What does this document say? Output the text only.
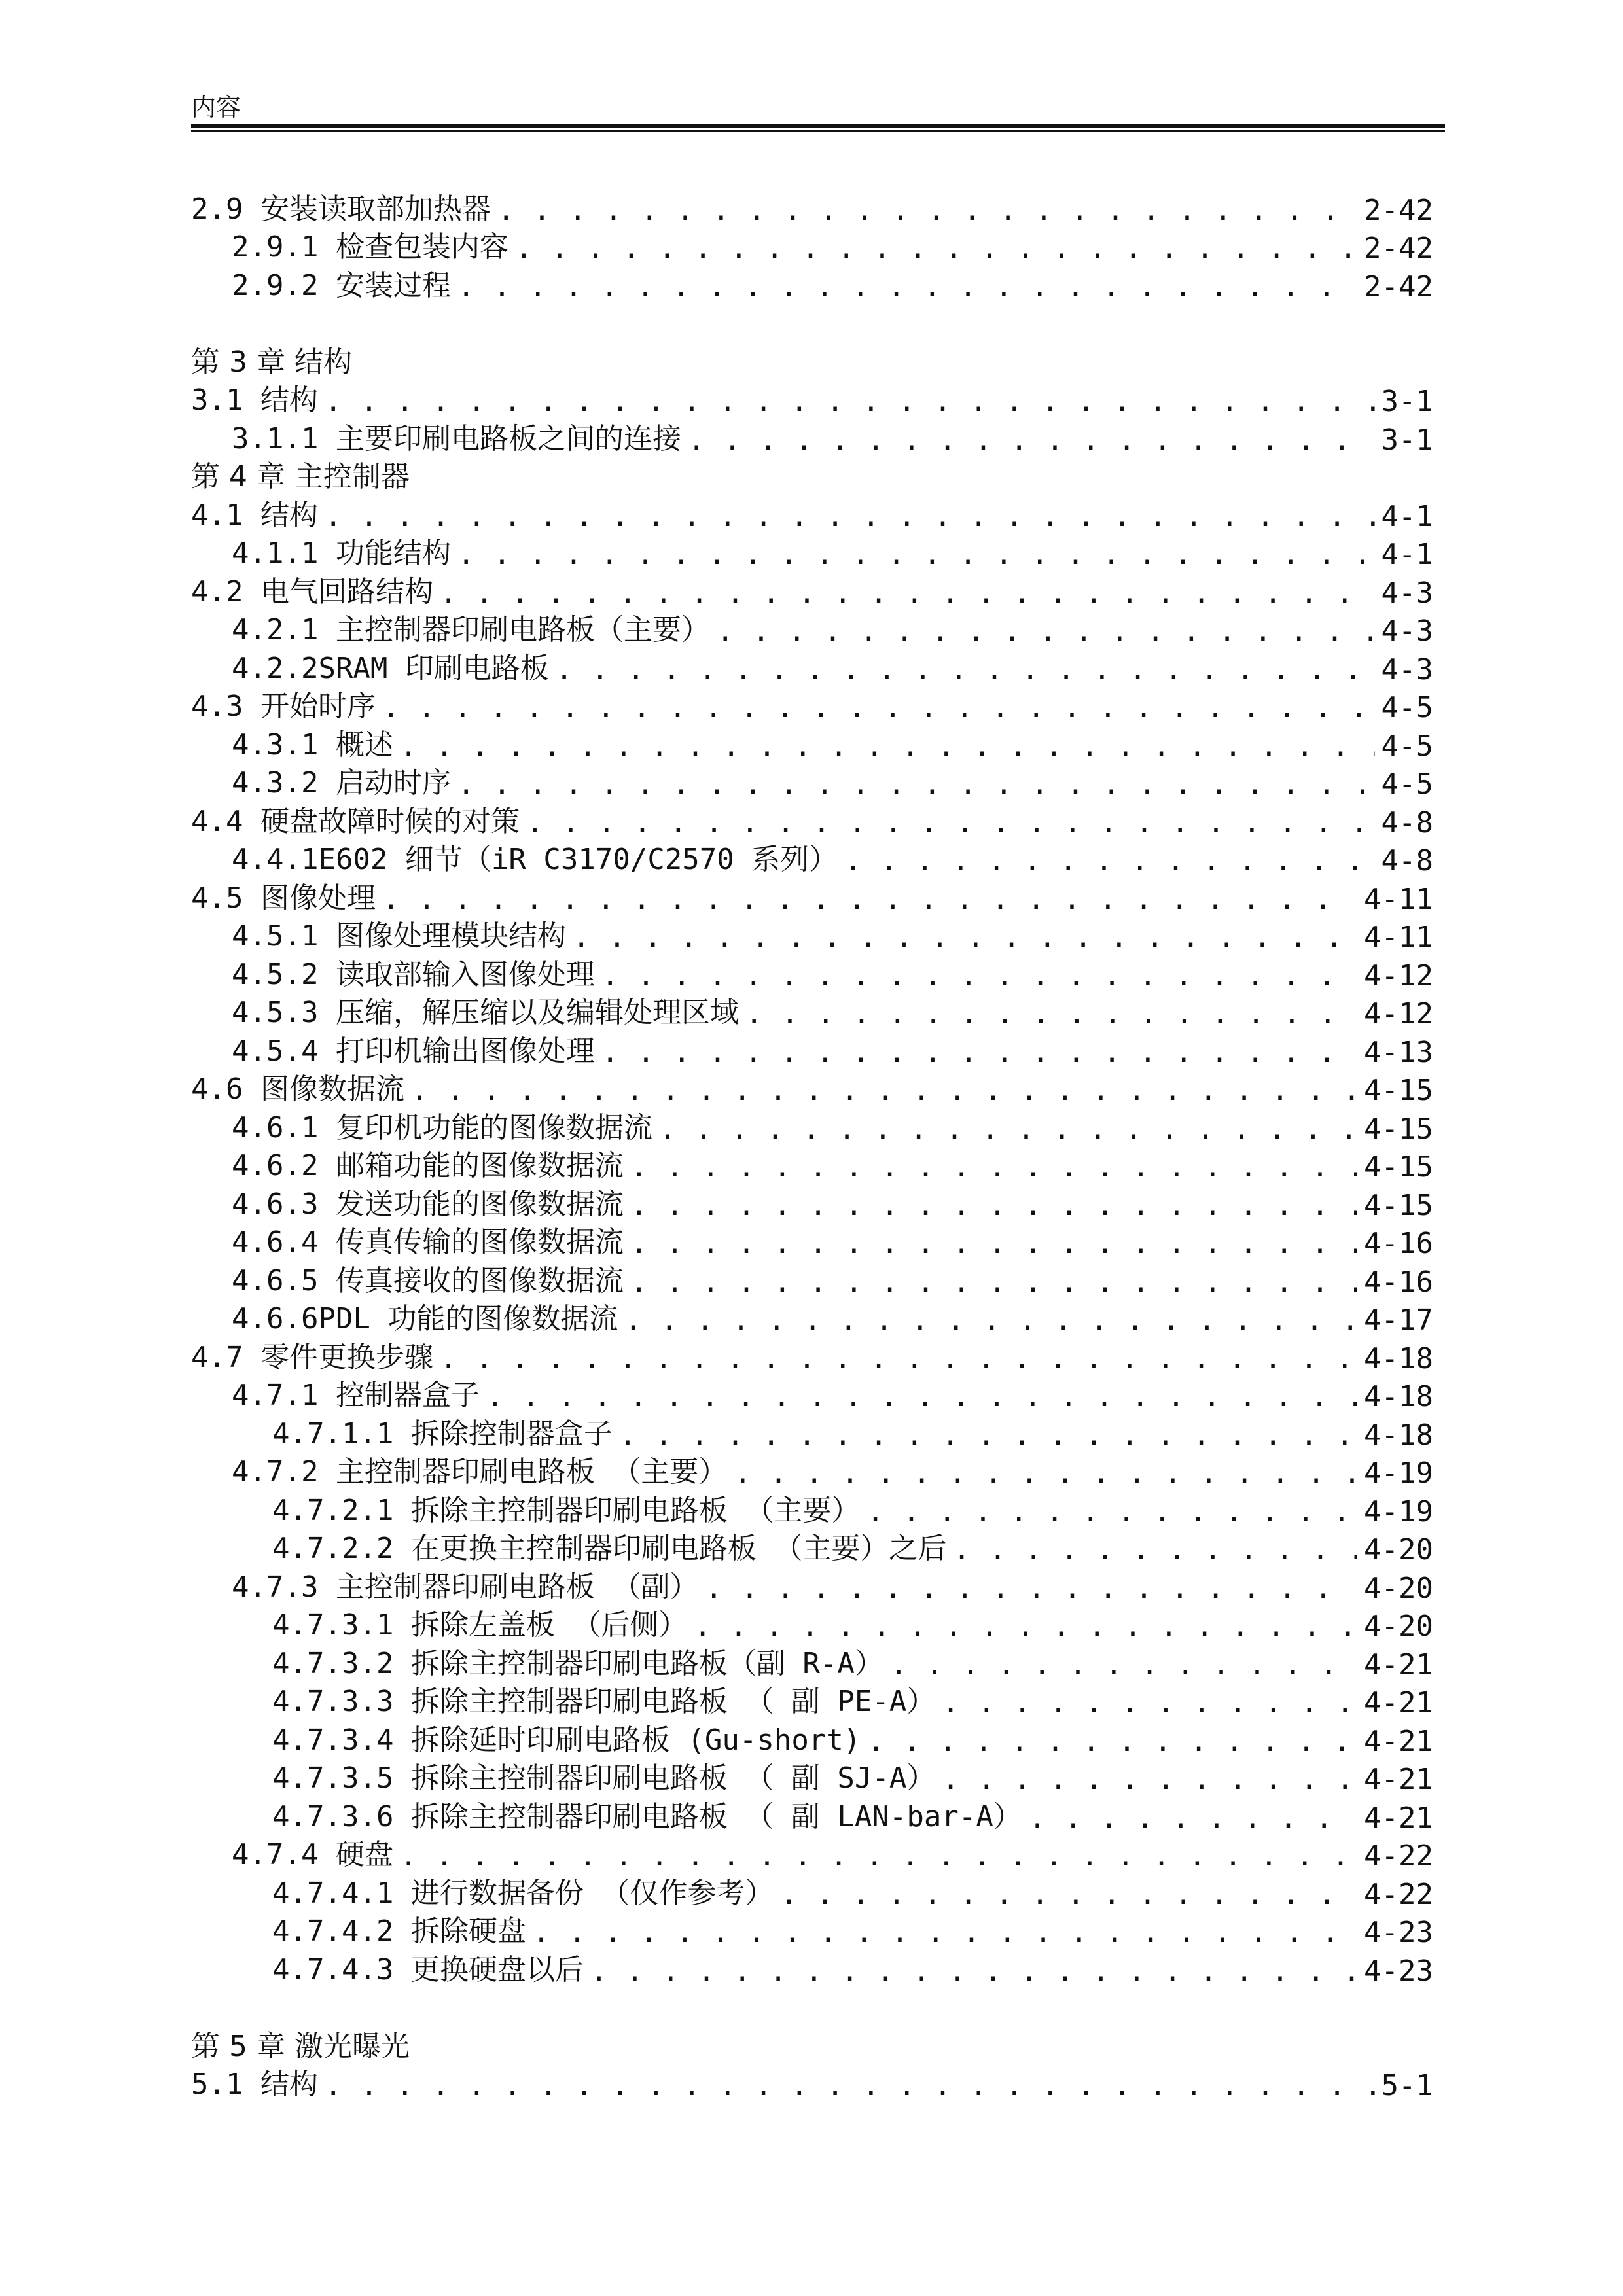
内容
2.9 安装读取部加热器 . . .	2-42
2.9.1 检查包装内容 . . .	2-42
2.9.2 安装过程 . . .	2-42
第 3 章 结构
3.1 结构 . . .	3-1
3.1.1 主要印刷电路板之间的连接 . . .	3-1
第 4 章 主控制器
4.1 结构 . . .	4-1
4.1.1 功能结构 . . .	4-1
4.2 电气回路结构 . . .	4-3
4.2.1 主控制器印刷电路板（主要） . . .	4-3
4.2.2SRAM 印刷电路板 . . .	4-3
4.3 开始时序 . . .	4-5
4.3.1 概述 . . .	4-5
4.3.2 启动时序 . . .	4-5
4.4 硬盘故障时候的对策 . . .	4-8
4.4.1E602 细节（iR C3170/C2570 系列） . . .	4-8
4.5 图像处理 . . .	4-11
4.5.1 图像处理模块结构 . . .	4-11
4.5.2 读取部输入图像处理 . . .	4-12
4.5.3 压缩，解压缩以及编辑处理区域 . . .	4-12
4.5.4 打印机输出图像处理 . . .	4-13
4.6 图像数据流 . . .	4-15
4.6.1 复印机功能的图像数据流 . . .	4-15
4.6.2 邮箱功能的图像数据流 . . .	4-15
4.6.3 发送功能的图像数据流 . . .	4-15
4.6.4 传真传输的图像数据流 . . .	4-16
4.6.5 传真接收的图像数据流 . . .	4-16
4.6.6PDL 功能的图像数据流 . . .	4-17
4.7 零件更换步骤 . . .	4-18
4.7.1 控制器盒子 . . .	4-18
4.7.1.1 拆除控制器盒子 . . .	4-18
4.7.2 主控制器印刷电路板 （主要） . . .	4-19
4.7.2.1 拆除主控制器印刷电路板 （主要） . . .	4-19
4.7.2.2 在更换主控制器印刷电路板 （主要）之后 . . .	4-20
4.7.3 主控制器印刷电路板 （副） . . .	4-20
4.7.3.1 拆除左盖板 （后侧） . . .	4-20
4.7.3.2 拆除主控制器印刷电路板（副 R-A） . . .	4-21
4.7.3.3 拆除主控制器印刷电路板 （ 副 PE-A） . . .	4-21
4.7.3.4 拆除延时印刷电路板 (Gu-short) . . .	4-21
4.7.3.5 拆除主控制器印刷电路板 （ 副 SJ-A） . . .	4-21
4.7.3.6 拆除主控制器印刷电路板 （ 副 LAN-bar-A） . . .	4-21
4.7.4 硬盘 . . .	4-22
4.7.4.1 进行数据备份 （仅作参考） . . .	4-22
4.7.4.2 拆除硬盘 . . .	4-23
4.7.4.3 更换硬盘以后 . . .	4-23
第 5 章 激光曝光
5.1 结构 . . .	5-1
